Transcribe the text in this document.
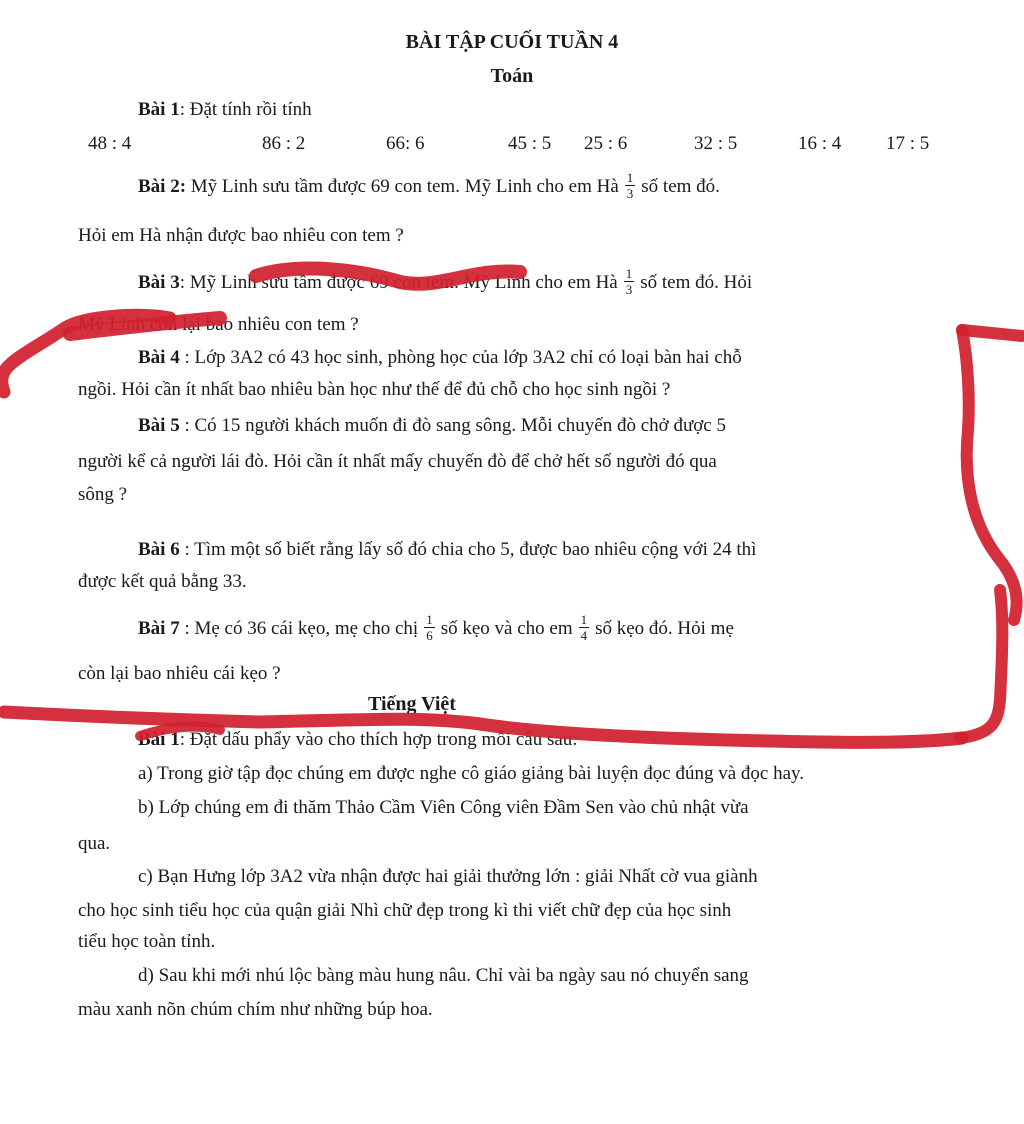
BÀI TẬP CUỐI TUẦN 4
Toán
Bài 1: Đặt tính rồi tính
48 : 4	86 : 2	66: 6	45 : 5 25 : 6	32 : 5	16 : 4 17 : 5
Bài 2: Mỹ Linh sưu tầm được 69 con tem. Mỹ Linh cho em Hà $\frac{1}{3}$ số tem đó.
Hỏi em Hà nhận được bao nhiêu con tem ?
Bài 3: Mỹ Linh sưu tầm được 69 con tem. Mỹ Linh cho em Hà $\frac{1}{3}$ số tem đó. Hỏi
Mỹ Linh còn lại bao nhiêu con tem ?
Bài 4 : Lớp 3A2 có 43 học sinh, phòng học của lớp 3A2 chỉ có loại bàn hai chỗ
ngồi. Hỏi cần ít nhất bao nhiêu bàn học như thế để đủ chỗ cho học sinh ngồi ?
Bài 5 : Có 15 người khách muốn đi đò sang sông. Mỗi chuyến đò chở được 5
người kể cả người lái đò. Hỏi cần ít nhất mấy chuyến đò để chở hết số người đó qua
sông ?
Bài 6 : Tìm một số biết rằng lấy số đó chia cho 5, được bao nhiêu cộng với 24 thì
được kết quả bằng 33.
Bài 7 : Mẹ có 36 cái kẹo, mẹ cho chị $\frac{1}{6}$ số kẹo và cho em $\frac{1}{4}$ số kẹo đó. Hỏi mẹ
còn lại bao nhiêu cái kẹo ?
Tiếng Việt
Bài 1: Đặt dấu phẩy vào cho thích hợp trong mỗi câu sau:
a) Trong giờ tập đọc chúng em được nghe cô giáo giảng bài luyện đọc đúng và đọc hay.
b) Lớp chúng em đi thăm Thảo Cầm Viên Công viên Đầm Sen vào chủ nhật vừa
qua.
c) Bạn Hưng lớp 3A2 vừa nhận được hai giải thưởng lớn : giải Nhất cờ vua giành
cho học sinh tiểu học của quận giải Nhì chữ đẹp trong kì thi viết chữ đẹp của học sinh
tiểu học toàn tỉnh.
d) Sau khi mới nhú lộc bàng màu hung nâu. Chỉ vài ba ngày sau nó chuyển sang
màu xanh nõn chúm chím như những búp hoa.
